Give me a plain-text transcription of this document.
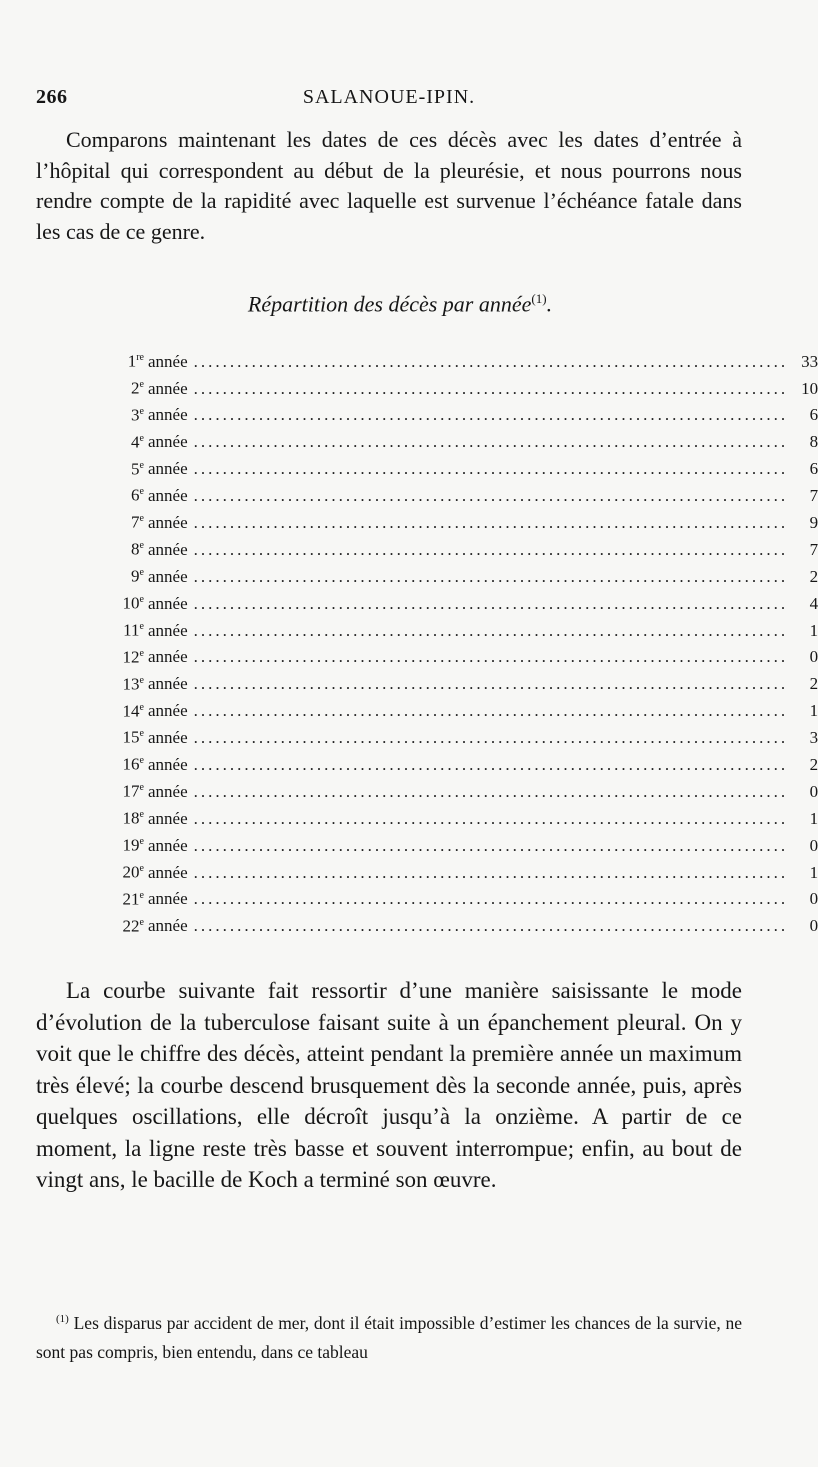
266	SALANOUE-IPIN.

Comparons maintenant les dates de ces décès avec les dates d’entrée à l’hôpital qui correspondent au début de la pleurésie, et nous pourrons nous rendre compte de la rapidité avec laquelle est survenue l’échéance fatale dans les cas de ce genre.

Répartition des décès par année$^{(1)}$.
1re année .................................................................................. 33
2e année .................................................................................. 10
3e année ..................................................................................	6
4e année ..................................................................................	8
5e année ..................................................................................	6
6e année ..................................................................................	7
7e année ..................................................................................	9
8e année ..................................................................................	7
9e année ..................................................................................	2
10e année ..................................................................................	4
11e année ..................................................................................	1
12e année ..................................................................................	0
13e année ..................................................................................	2
14e année ..................................................................................	1
15e année ..................................................................................	3
16e année ..................................................................................	2
17e année ..................................................................................	0
18e année ..................................................................................	1
19e année ..................................................................................	0
20e année ..................................................................................	1
21e année ..................................................................................	0
22e année ..................................................................................	0

La courbe suivante fait ressortir d’une manière saisissante le mode d’évolution de la tuberculose faisant suite à un épanchement pleural. On y voit que le chiffre des décès, atteint pendant la première année un maximum très élevé; la courbe descend brusquement dès la seconde année, puis, après quelques oscillations, elle décroît jusqu’à la onzième. A partir de ce moment, la ligne reste très basse et souvent interrompue; enfin, au bout de vingt ans, le bacille de Koch a terminé son œuvre.

$^{(1)}$ Les disparus par accident de mer, dont il était impossible d’estimer les chances de la survie, ne sont pas compris, bien entendu, dans ce tableau
